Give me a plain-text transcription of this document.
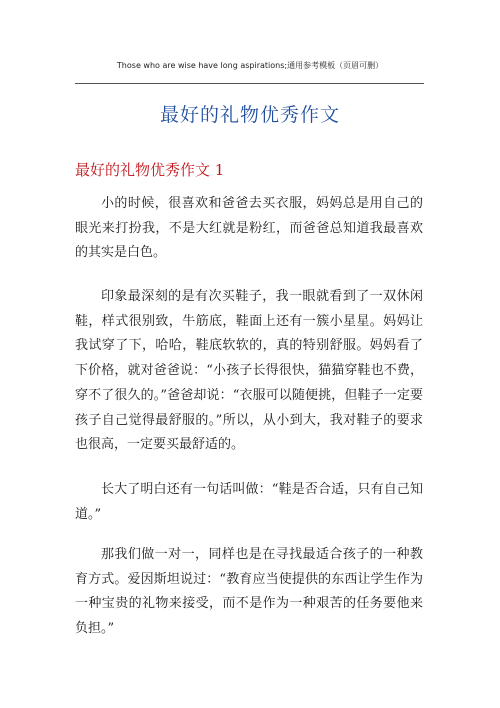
Those who are wise have long aspirations;通用参考模板（页眉可删）
最好的礼物优秀作文
最好的礼物优秀作文 1

小的时候，很喜欢和爸爸去买衣服，妈妈总是用自己的眼光来打扮我，不是大红就是粉红，而爸爸总知道我最喜欢的其实是白色。

印象最深刻的是有次买鞋子，我一眼就看到了一双休闲鞋，样式很别致，牛筋底，鞋面上还有一簇小星星。妈妈让我试穿了下，哈哈，鞋底软软的，真的特别舒服。妈妈看了下价格，就对爸爸说：“小孩子长得很快，猫猫穿鞋也不费，穿不了很久的。”爸爸却说：“衣服可以随便挑，但鞋子一定要孩子自己觉得最舒服的。”所以，从小到大，我对鞋子的要求也很高，一定要买最舒适的。

长大了明白还有一句话叫做：“鞋是否合适，只有自己知道。”

那我们做一对一，同样也是在寻找最适合孩子的一种教育方式。爱因斯坦说过：“教育应当使提供的东西让学生作为一种宝贵的礼物来接受，而不是作为一种艰苦的任务要他来负担。”
